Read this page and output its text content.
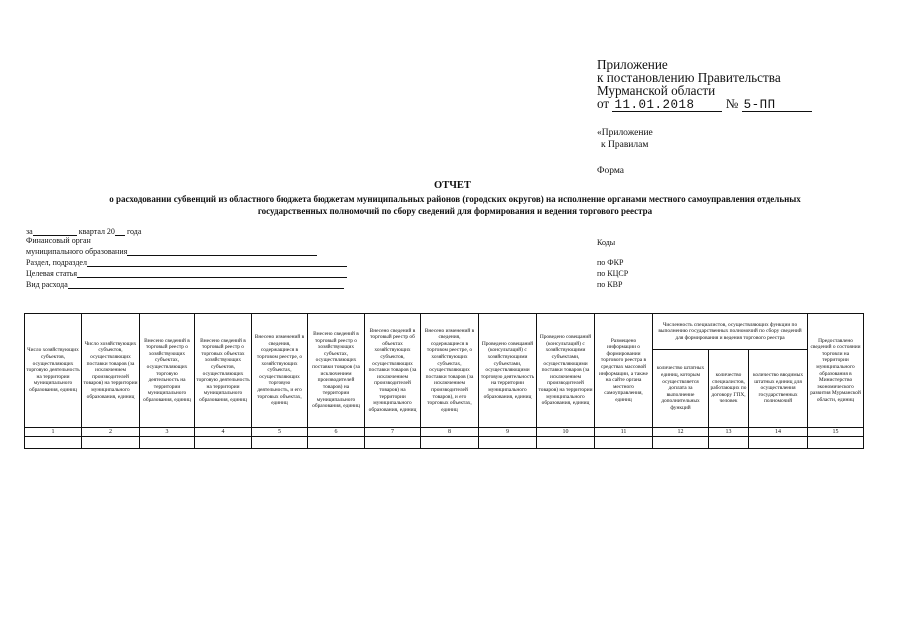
Приложение
к постановлению Правительства
Мурманской области
от 11.01.2018 № 5-ПП
«Приложение
к Правилам
Форма
ОТЧЕТ
о расходовании субвенций из областного бюджета бюджетам муниципальных районов (городских округов) на исполнение органами местного самоуправления отдельных
государственных полномочий по сбору сведений для формирования и ведения торгового реестра
за	квартал 20 года
Финансовый орган
муниципального образования
Раздел, подраздел
Целевая статья
Вид расхода
Коды
по ФКР
по КЦСР
по КВР
Число хозяйствующих субъектов, осуществляющих торговую деятельность на территории муниципального образования, единиц	Число хозяйствующих субъектов, осуществляющих поставки товаров (за исключением производителей товаров) на территории муниципального образования, единиц	Внесено сведений в торговый реестр о хозяйствующих субъектах, осуществляющих торговую деятельность на территории муниципального образования, единиц	Внесено сведений в торговый реестр о торговых объектах хозяйствующих субъектов, осуществляющих торговую деятельность на территории муниципального образования, единиц	Внесено изменений в сведения, содержащиеся в торговом реестре, о хозяйствующих субъектах, осуществляющих торговую деятельность, и его торговых объектах, единиц	Внесено сведений в торговый реестр о хозяйствующих субъектах, осуществляющих поставки товаров (за исключением производителей товаров) на территории муниципального образования, единиц	Внесено сведений в торговый реестр об объектах хозяйствующих субъектов, осуществляющих поставки товаров (за исключением производителей товаров) на территории муниципального образования, единиц	Внесено изменений в сведения, содержащиеся в торговом реестре, о хозяйствующих субъектах, осуществляющих поставки товаров (за исключением производителей товаров), и его торговых объектах, единиц	Проведено совещаний (консультаций) с хозяйствующими субъектами, осуществляющими торговую деятельность на территории муниципального образования, единиц	Проведено совещаний (консультаций) с хозяйствующими субъектами, осуществляющими поставки товаров (за исключением производителей товаров) на территории муниципального образования, единиц	Размещено информации о формировании торгового реестра в средствах массовой информации, а также на сайте органа местного самоуправления, единиц	Численность специалистов, осуществляющих функции по выполнению государственных полномочий по сбору сведений для формирования и ведения торгового реестра			Предоставлено сведений о состоянии торговли на территории муниципального образования в Министерство экономического развития Мурманской области, единиц
											количество штатных единиц, которым осуществляется доплата за выполнение дополнительных функций	количество специалистов, работающих по договору ГПХ, человек	количество вводимых штатных единиц для осуществления государственных полномочий	
1	2	3	4	5	6	7	8	9	10	11	12	13	14	15
